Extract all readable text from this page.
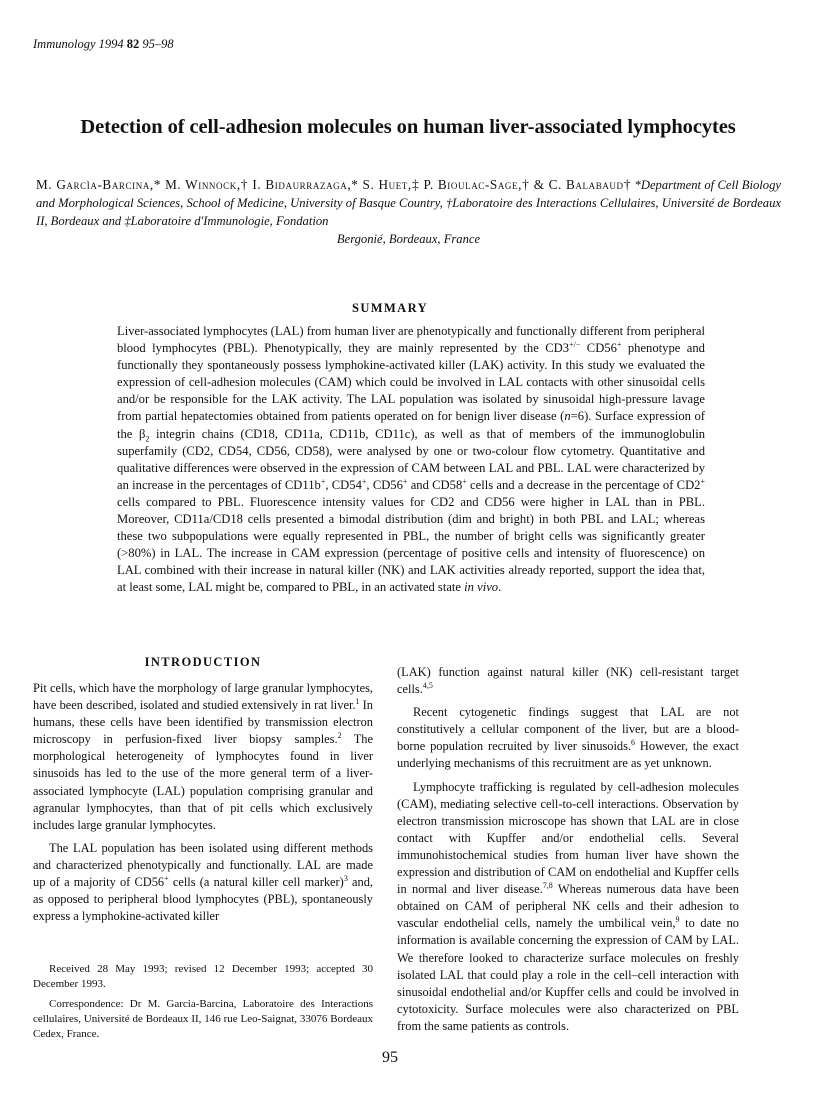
Immunology 1994 82 95–98
Detection of cell-adhesion molecules on human liver-associated lymphocytes
M. Garcìa-Barcina,* M. Winnock,† I. Bidaurrazaga,* S. Huet,‡ P. Bioulac-Sage,† & C. Balabaud† *Department of Cell Biology and Morphological Sciences, School of Medicine, University of Basque Country, †Laboratoire des Interactions Cellulaires, Université de Bordeaux II, Bordeaux and ‡Laboratoire d'Immunologie, Fondation
Bergonié, Bordeaux, France
SUMMARY
Liver-associated lymphocytes (LAL) from human liver are phenotypically and functionally different from peripheral blood lymphocytes (PBL). Phenotypically, they are mainly represented by the CD3+/− CD56+ phenotype and functionally they spontaneously possess lymphokine-activated killer (LAK) activity. In this study we evaluated the expression of cell-adhesion molecules (CAM) which could be involved in LAL contacts with other sinusoidal cells and/or be responsible for the LAK activity. The LAL population was isolated by sinusoidal high-pressure lavage from partial hepatectomies obtained from patients operated on for benign liver disease (n=6). Surface expression of the $\beta_2$ integrin chains (CD18, CD11a, CD11b, CD11c), as well as that of members of the immunoglobulin superfamily (CD2, CD54, CD56, CD58), were analysed by one or two-colour flow cytometry. Quantitative and qualitative differences were observed in the expression of CAM between LAL and PBL. LAL were characterized by an increase in the percentages of CD11b+, CD54+, CD56+ and CD58+ cells and a decrease in the percentage of CD2+ cells compared to PBL. Fluorescence intensity values for CD2 and CD56 were higher in LAL than in PBL. Moreover, CD11a/CD18 cells presented a bimodal distribution (dim and bright) in both PBL and LAL; whereas these two subpopulations were equally represented in PBL, the number of bright cells was significantly greater (>80%) in LAL. The increase in CAM expression (percentage of positive cells and intensity of fluorescence) on LAL combined with their increase in natural killer (NK) and LAK activities already reported, support the idea that, at least some, LAL might be, compared to PBL, in an activated state in vivo.
INTRODUCTION

Pit cells, which have the morphology of large granular lymphocytes, have been described, isolated and studied extensively in rat liver.$^1$ In humans, these cells have been identified by transmission electron microscopy in perfusion-fixed liver biopsy samples.$^2$ The morphological heterogeneity of lymphocytes found in liver sinusoids has led to the use of the more general term of a liver-associated lymphocyte (LAL) population comprising granular and agranular lymphocytes, than that of pit cells which exclusively includes large granular lymphocytes.

The LAL population has been isolated using different methods and characterized phenotypically and functionally. LAL are made up of a majority of CD56+ cells (a natural killer cell marker)$^3$ and, as opposed to peripheral blood lymphocytes (PBL), spontaneously express a lymphokine-activated killer

(LAK) function against natural killer (NK) cell-resistant target cells.$^{4,5}$

Recent cytogenetic findings suggest that LAL are not constitutively a cellular component of the liver, but are a blood-borne population recruited by liver sinusoids.$^6$ However, the exact underlying mechanisms of this recruitment are as yet unknown.

Lymphocyte trafficking is regulated by cell-adhesion molecules (CAM), mediating selective cell-to-cell interactions. Observation by electron transmission microscope has shown that LAL are in close contact with Kupffer and/or endothelial cells. Several immunohistochemical studies from human liver have shown the expression and distribution of CAM on endothelial and Kupffer cells in normal and liver disease.$^{7,8}$ Whereas numerous data have been obtained on CAM of peripheral NK cells and their adhesion to vascular endothelial cells, namely the umbilical vein,$^9$ to date no information is available concerning the expression of CAM by LAL. We therefore looked to characterize surface molecules on freshly isolated LAL that could play a role in the cell–cell interaction with sinusoidal endothelial and/or Kupffer cells and could be involved in cytotoxicity. Surface molecules were also characterized on PBL from the same patients as controls.

Received 28 May 1993; revised 12 December 1993; accepted 30 December 1993.

Correspondence: Dr M. Garcia-Barcina, Laboratoire des Interactions cellulaires, Université de Bordeaux II, 146 rue Leo-Saignat, 33076 Bordeaux Cedex, France.

95
